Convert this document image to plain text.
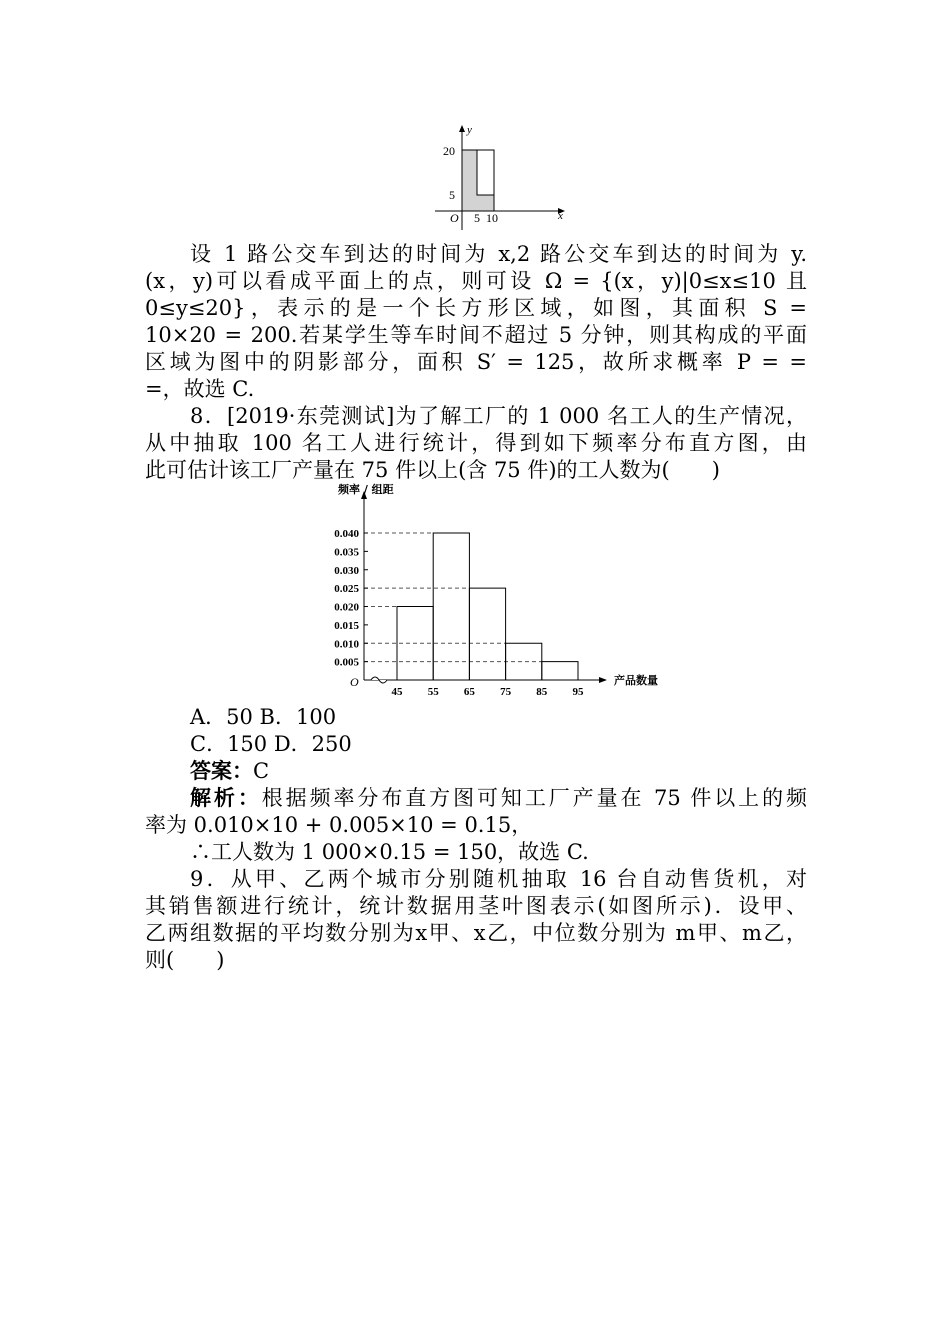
y
x
O
20
5
5 10
设 1 路公交车到达的时间为 x,2 路公交车到达的时间为 y.
(x，y)可以看成平面上的点，则可设 Ω = {(x，y)|0≤x≤10 且
0≤y≤20}，表示的是一个长方形区域，如图，其面积 S =
10×20 = 200.若某学生等车时间不超过 5 分钟，则其构成的平面
区域为图中的阴影部分，面积 S′ = 125，故所求概率 P = =
=，故选 C.
8．[2019·东莞测试]为了解工厂的 1 000 名工人的生产情况，
从中抽取 100 名工人进行统计，得到如下频率分布直方图，由
此可估计该工厂产量在 75 件以上(含 75 件)的工人数为(　　)
频率 / 组距
产品数量
O
0.040
0.035
0.030
0.025
0.020
0.015
0.010
0.005
45 55 65 75 85 95
A．50 B．100
C．150 D．250
答案：C
解析：根据频率分布直方图可知工厂产量在 75 件以上的频
率为 0.010×10 + 0.005×10 = 0.15，
∴工人数为 1 000×0.15 = 150，故选 C.
9．从甲、乙两个城市分别随机抽取 16 台自动售货机，对
其销售额进行统计，统计数据用茎叶图表示(如图所示)．设甲、
乙两组数据的平均数分别为x甲、x乙，中位数分别为 m甲、m乙，
则(　　)
